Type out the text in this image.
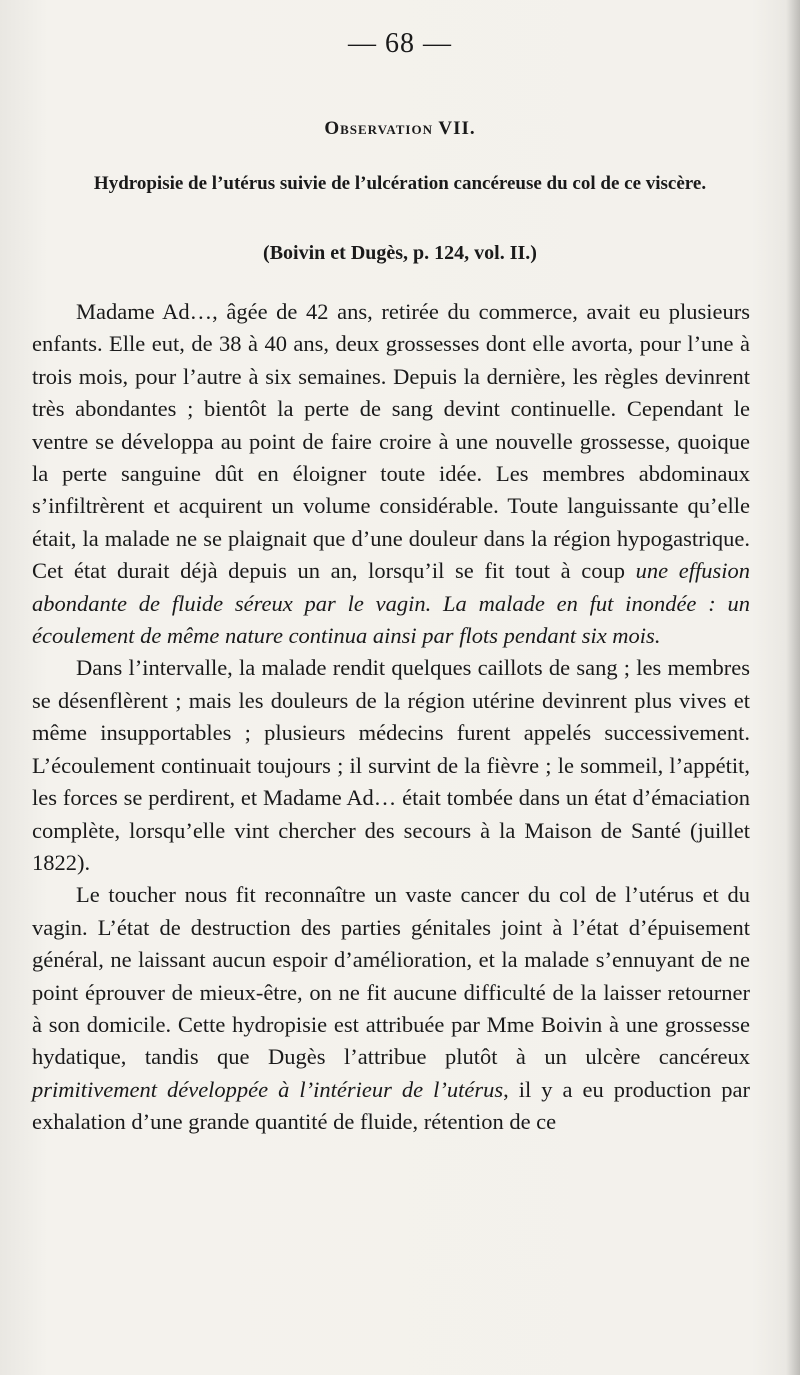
— 68 —
Observation VII.
Hydropisie de l’utérus suivie de l’ulcération cancéreuse du col de ce viscère.
(Boivin et Dugès, p. 124, vol. II.)

Madame Ad…, âgée de 42 ans, retirée du commerce, avait eu plusieurs enfants. Elle eut, de 38 à 40 ans, deux grossesses dont elle avorta, pour l’une à trois mois, pour l’autre à six semaines. Depuis la dernière, les règles devinrent très abondantes ; bientôt la perte de sang devint continuelle. Cependant le ventre se développa au point de faire croire à une nouvelle grossesse, quoique la perte sanguine dût en éloigner toute idée. Les membres abdominaux s’infiltrèrent et acquirent un volume considérable. Toute languissante qu’elle était, la malade ne se plaignait que d’une douleur dans la région hypogastrique. Cet état durait déjà depuis un an, lorsqu’il se fit tout à coup une effusion abondante de fluide séreux par le vagin. La malade en fut inondée : un écoulement de même nature continua ainsi par flots pendant six mois.

Dans l’intervalle, la malade rendit quelques caillots de sang ; les membres se désenflèrent ; mais les douleurs de la région utérine devinrent plus vives et même insupportables ; plusieurs médecins furent appelés successivement. L’écoulement continuait toujours ; il survint de la fièvre ; le sommeil, l’appétit, les forces se perdirent, et Madame Ad… était tombée dans un état d’émaciation complète, lorsqu’elle vint chercher des secours à la Maison de Santé (juillet 1822).

Le toucher nous fit reconnaître un vaste cancer du col de l’utérus et du vagin. L’état de destruction des parties génitales joint à l’état d’épuisement général, ne laissant aucun espoir d’amélioration, et la malade s’ennuyant de ne point éprouver de mieux-être, on ne fit aucune difficulté de la laisser retourner à son domicile. Cette hydropisie est attribuée par Mme Boivin à une grossesse hydatique, tandis que Dugès l’attribue plutôt à un ulcère cancéreux primitivement développée à l’intérieur de l’utérus, il y a eu production par exhalation d’une grande quantité de fluide, rétention de ce
